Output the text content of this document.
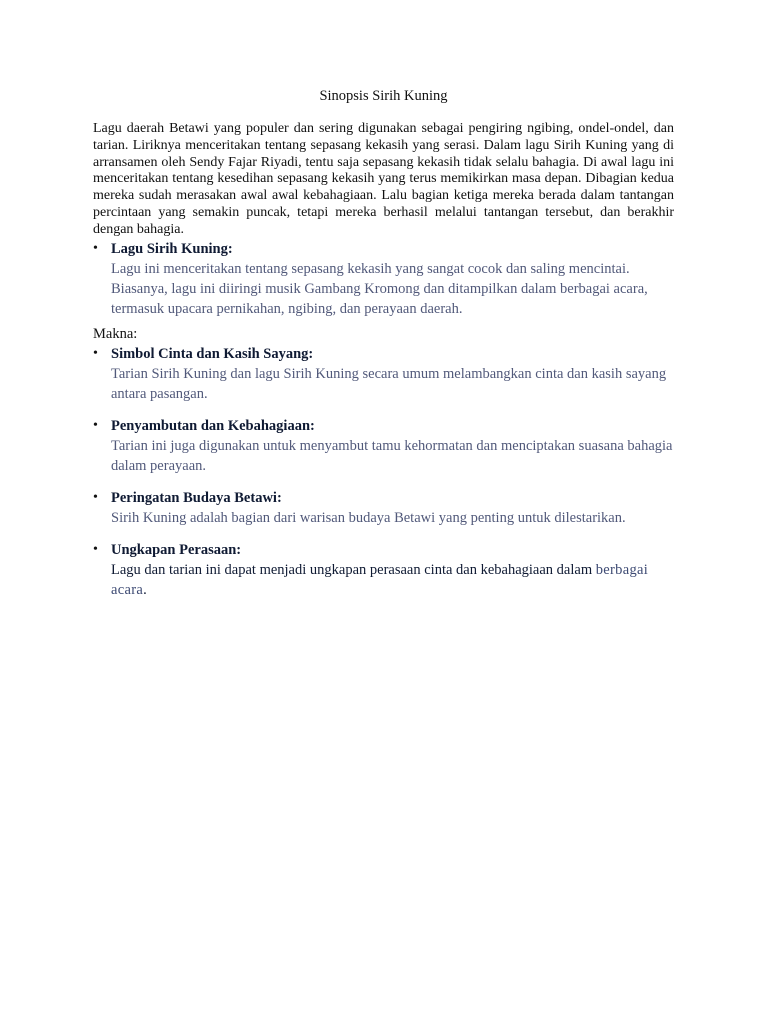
Sinopsis Sirih Kuning

Lagu daerah Betawi yang populer dan sering digunakan sebagai pengiring ngibing, ondel-ondel, dan tarian. Liriknya menceritakan tentang sepasang kekasih yang serasi. Dalam lagu Sirih Kuning yang di arransamen oleh Sendy Fajar Riyadi, tentu saja sepasang kekasih tidak selalu bahagia. Di awal lagu ini menceritakan tentang kesedihan sepasang kekasih yang terus memikirkan masa depan. Dibagian kedua mereka sudah merasakan awal awal kebahagiaan. Lalu bagian ketiga mereka berada dalam tantangan percintaan yang semakin puncak, tetapi mereka berhasil melalui tantangan tersebut, dan berakhir dengan bahagia.

• Lagu Sirih Kuning:
Lagu ini menceritakan tentang sepasang kekasih yang sangat cocok dan saling mencintai. Biasanya, lagu ini diiringi musik Gambang Kromong dan ditampilkan dalam berbagai acara, termasuk upacara pernikahan, ngibing, dan perayaan daerah.

Makna:

• Simbol Cinta dan Kasih Sayang:
Tarian Sirih Kuning dan lagu Sirih Kuning secara umum melambangkan cinta dan kasih sayang antara pasangan.
• Penyambutan dan Kebahagiaan:
Tarian ini juga digunakan untuk menyambut tamu kehormatan dan menciptakan suasana bahagia dalam perayaan.
• Peringatan Budaya Betawi:
Sirih Kuning adalah bagian dari warisan budaya Betawi yang penting untuk dilestarikan.
• Ungkapan Perasaan:
Lagu dan tarian ini dapat menjadi ungkapan perasaan cinta dan kebahagiaan dalam berbagai acara.
